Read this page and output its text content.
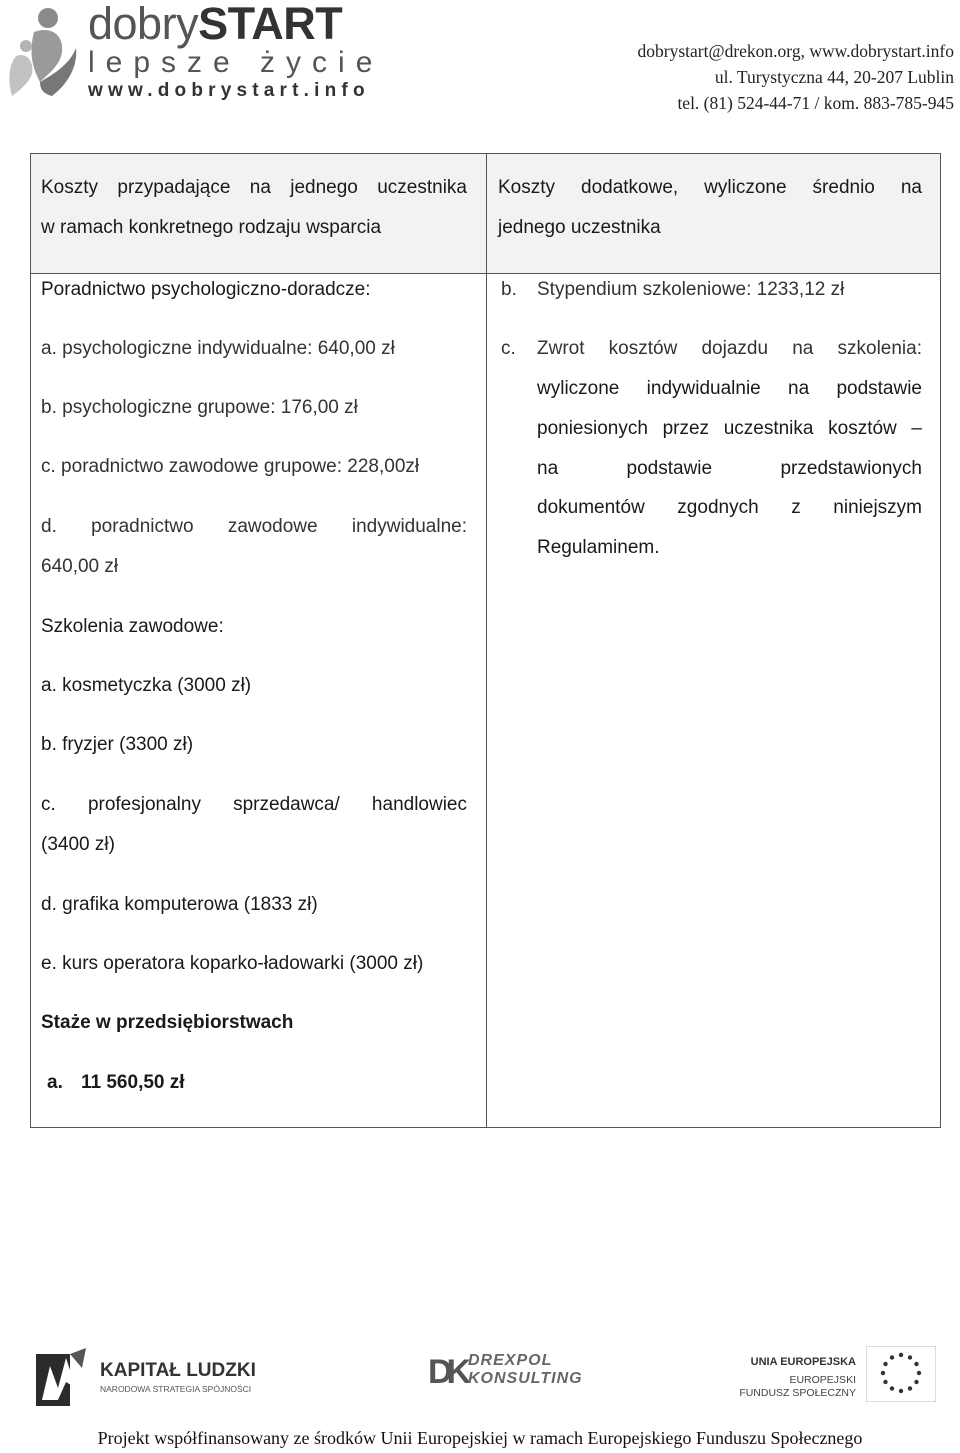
dobrySTART
lepsze życie
www.dobrystart.info
dobrystart@drekon.org, www.dobrystart.info
ul. Turystyczna 44, 20-207 Lublin
tel. (81) 524-44-71 / kom. 883-785-945
Koszty przypadające na jednego uczestnika
w ramach konkretnego rodzaju wsparcia
Koszty dodatkowe, wyliczone średnio na
jednego uczestnika
Poradnictwo psychologiczno-doradcze:
a. psychologiczne indywidualne: 640,00 zł
b. psychologiczne grupowe: 176,00 zł
c. poradnictwo zawodowe grupowe: 228,00zł
d. poradnictwo zawodowe indywidualne:
640,00 zł
Szkolenia zawodowe:
a. kosmetyczka (3000 zł)
b. fryzjer (3300 zł)
c. profesjonalny sprzedawca/ handlowiec
(3400 zł)
d. grafika komputerowa (1833 zł)
e. kurs operatora koparko-ładowarki (3000 zł)
Staże w przedsiębiorstwach
a. 11 560,50 zł
b. Stypendium szkoleniowe: 1233,12 zł
c. Zwrot kosztów dojazdu na szkolenia:
wyliczone indywidualnie na podstawie
poniesionych przez uczestnika kosztów –
na podstawie przedstawionych
dokumentów zgodnych z niniejszym
Regulaminem.
KAPITAŁ LUDZKI
NARODOWA STRATEGIA SPÓJNOŚCI	DK DREXPOL
KONSULTING
UNIA EUROPEJSKA
EUROPEJSKI
FUNDUSZ SPOŁECZNY
Projekt współfinansowany ze środków Unii Europejskiej w ramach Europejskiego Funduszu Społecznego
